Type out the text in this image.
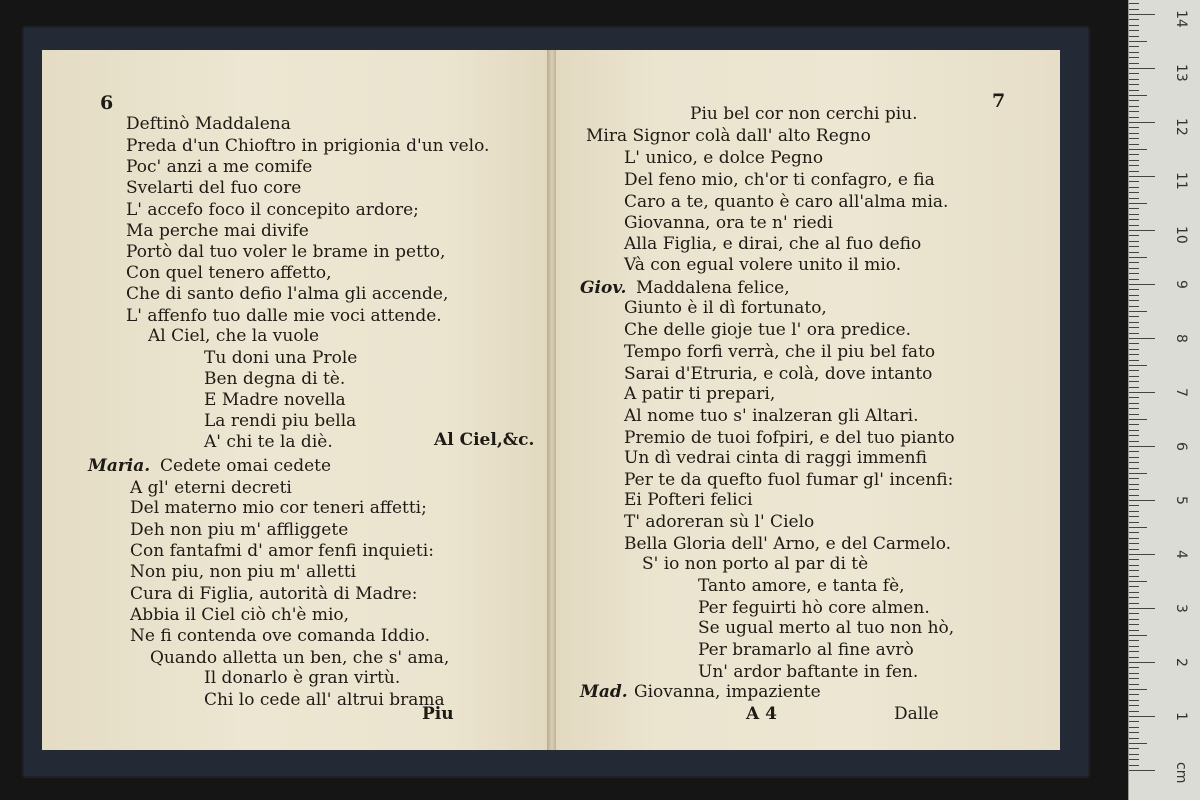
6
Maria.
Al Ciel,&c.
Piu
Deftinò Maddalena
Preda d'un Chioftro in prigionia d'un velo.
Poc' anzi a me comife
Svelarti del fuo core
L' accefo foco il concepito ardore;
Ma perche mai divife
Portò dal tuo voler le brame in petto,
Con quel tenero affetto,
Che di santo defio l'alma gli accende,
L' affenfo tuo dalle mie voci attende.
Al Ciel, che la vuole
Tu doni una Prole
Ben degna di tè.
E Madre novella
La rendi piu bella
A' chi te la diè.
Cedete omai cedete
A gl' eterni decreti
Del materno mio cor teneri affetti;
Deh non piu m' affliggete
Con fantafmi d' amor fenfi inquieti:
Non piu, non piu m' alletti
Cura di Figlia, autorità di Madre:
Abbia il Ciel ciò ch'è mio,
Ne fi contenda ove comanda Iddio.
Quando alletta un ben, che s' ama,
Il donarlo è gran virtù.
Chi lo cede all' altrui brama
7
Giov.
Mad.
A 4	Dalle
Piu bel cor non cerchi piu.
Mira Signor colà dall' alto Regno
L' unico, e dolce Pegno
Del feno mio, ch'or ti confagro, e fia
Caro a te, quanto è caro all'alma mia.
Giovanna, ora te n' riedi
Alla Figlia, e dirai, che al fuo defio
Và con egual volere unito il mio.
Maddalena felice,
Giunto è il dì fortunato,
Che delle gioje tue l' ora predice.
Tempo forfi verrà, che il piu bel fato
Sarai d'Etruria, e colà, dove intanto
A patir ti prepari,
Al nome tuo s' inalzeran gli Altari.
Premio de tuoi fofpiri, e del tuo pianto
Un dì vedrai cinta di raggi immenfi
Per te da quefto fuol fumar gl' incenfi:
Ei Pofteri felici
T' adoreran sù l' Cielo
Bella Gloria dell' Arno, e del Carmelo.
S' io non porto al par di tè
Tanto amore, e tanta fè,
Per feguirti hò core almen.
Se ugual merto al tuo non hò,
Per bramarlo al fine avrò
Un' ardor baftante in fen.
Giovanna, impaziente
1
2
3
4
5
6
7
8
9
10
11
12
13
14
cm
